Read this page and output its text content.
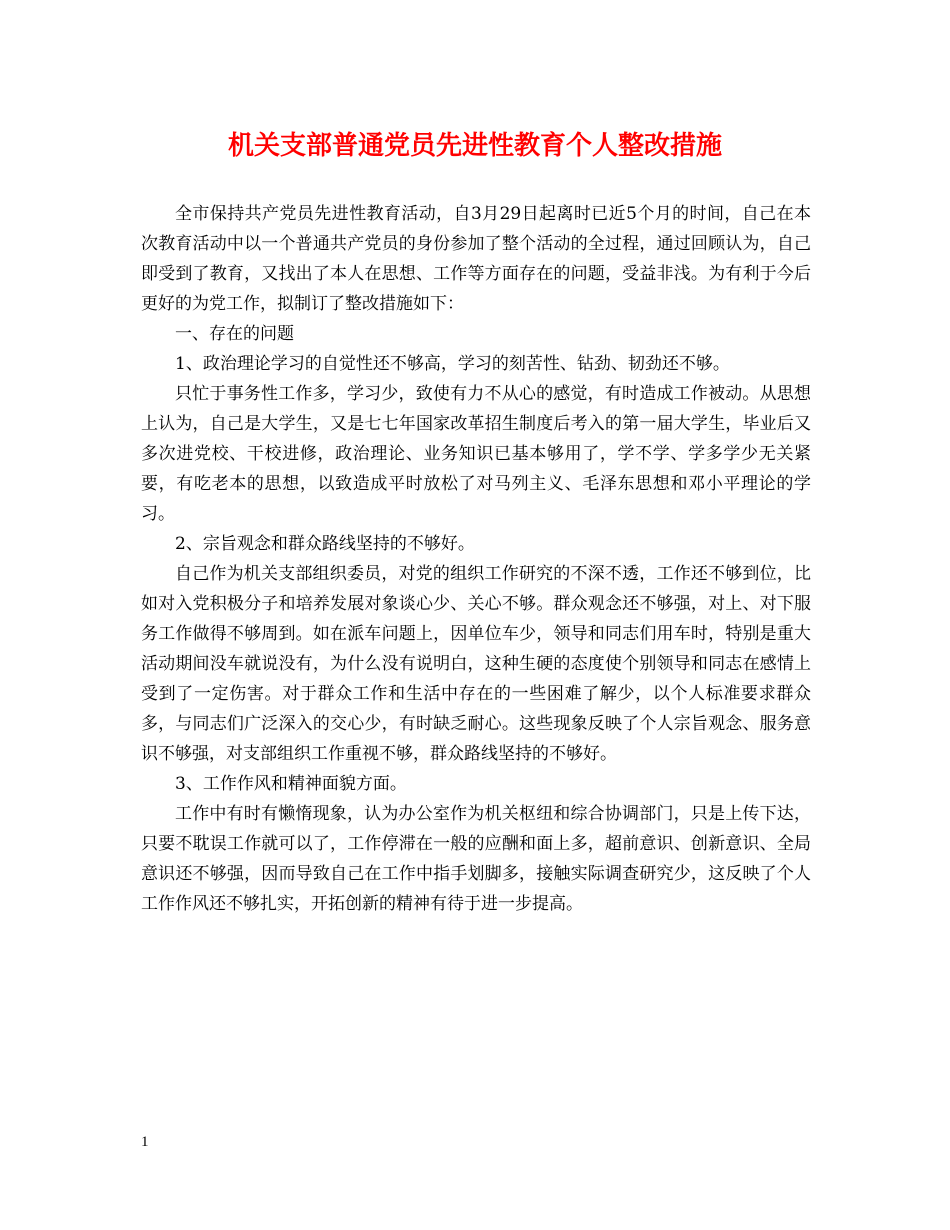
机关支部普通党员先进性教育个人整改措施

全市保持共产党员先进性教育活动，自3月29日起离时已近5个月的时间，自己在本次教育活动中以一个普通共产党员的身份参加了整个活动的全过程，通过回顾认为，自己即受到了教育，又找出了本人在思想、工作等方面存在的问题，受益非浅。为有利于今后更好的为党工作，拟制订了整改措施如下：

一、存在的问题

1、政治理论学习的自觉性还不够高，学习的刻苦性、钻劲、韧劲还不够。

只忙于事务性工作多，学习少，致使有力不从心的感觉，有时造成工作被动。从思想上认为，自己是大学生，又是七七年国家改革招生制度后考入的第一届大学生，毕业后又多次进党校、干校进修，政治理论、业务知识已基本够用了，学不学、学多学少无关紧要，有吃老本的思想，以致造成平时放松了对马列主义、毛泽东思想和邓小平理论的学习。

2、宗旨观念和群众路线坚持的不够好。

自己作为机关支部组织委员，对党的组织工作研究的不深不透，工作还不够到位，比如对入党积极分子和培养发展对象谈心少、关心不够。群众观念还不够强，对上、对下服务工作做得不够周到。如在派车问题上，因单位车少，领导和同志们用车时，特别是重大活动期间没车就说没有，为什么没有说明白，这种生硬的态度使个别领导和同志在感情上受到了一定伤害。对于群众工作和生活中存在的一些困难了解少，以个人标准要求群众多，与同志们广泛深入的交心少，有时缺乏耐心。这些现象反映了个人宗旨观念、服务意识不够强，对支部组织工作重视不够，群众路线坚持的不够好。

3、工作作风和精神面貌方面。

工作中有时有懒惰现象，认为办公室作为机关枢纽和综合协调部门，只是上传下达，只要不耽误工作就可以了，工作停滞在一般的应酬和面上多，超前意识、创新意识、全局意识还不够强，因而导致自己在工作中指手划脚多，接触实际调查研究少，这反映了个人工作作风还不够扎实，开拓创新的精神有待于进一步提高。

1
